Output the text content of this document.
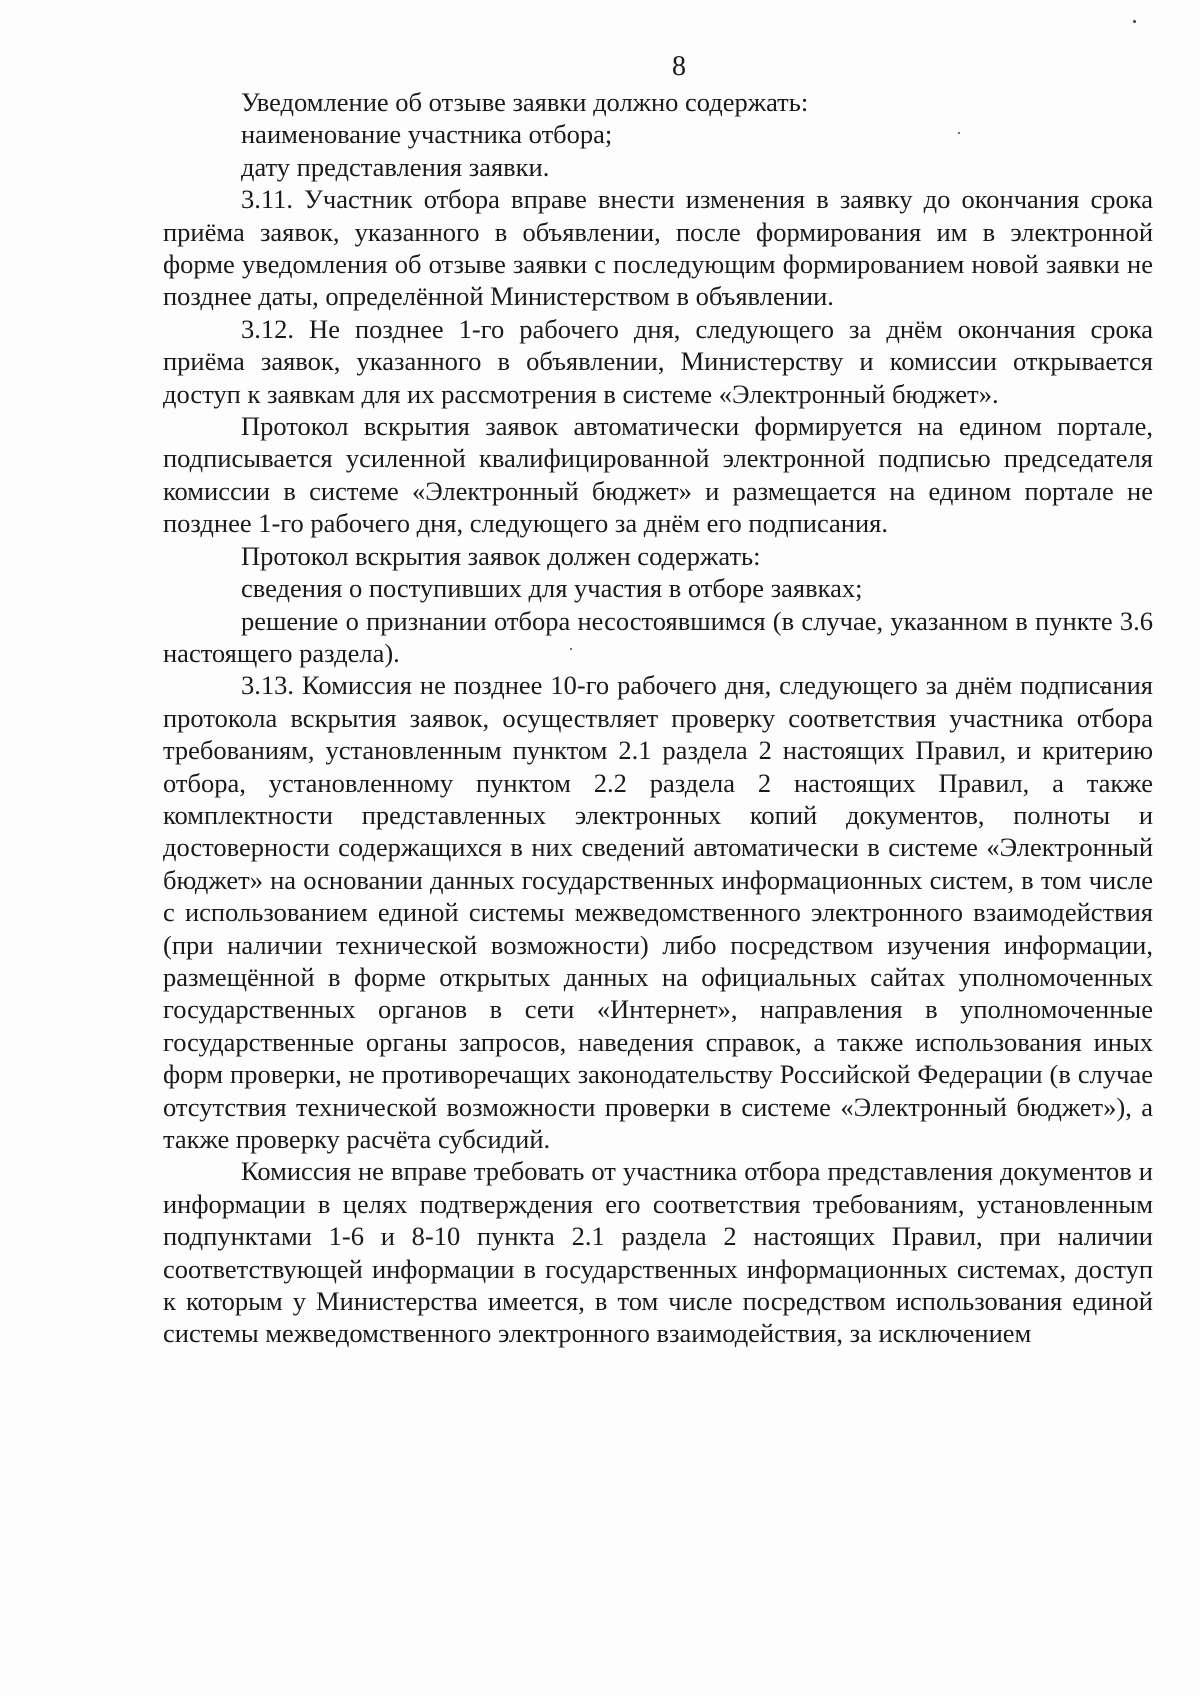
8

Уведомление об отзыве заявки должно содержать:

наименование участника отбора;

дату представления заявки.

3.11. Участник отбора вправе внести изменения в заявку до окончания срока приёма заявок, указанного в объявлении, после формирования им в электронной форме уведомления об отзыве заявки с последующим формированием новой заявки не позднее даты, определённой Министерством в объявлении.

3.12. Не позднее 1-го рабочего дня, следующего за днём окончания срока приёма заявок, указанного в объявлении, Министерству и комиссии открывается доступ к заявкам для их рассмотрения в системе «Электронный бюджет».

Протокол вскрытия заявок автоматически формируется на едином портале, подписывается усиленной квалифицированной электронной подписью председателя комиссии в системе «Электронный бюджет» и размещается на едином портале не позднее 1-го рабочего дня, следующего за днём его подписания.

Протокол вскрытия заявок должен содержать:

сведения о поступивших для участия в отборе заявках;

решение о признании отбора несостоявшимся (в случае, указанном в пункте 3.6 настоящего раздела).

3.13. Комиссия не позднее 10-го рабочего дня, следующего за днём подписания протокола вскрытия заявок, осуществляет проверку соответствия участника отбора требованиям, установленным пунктом 2.1 раздела 2 настоящих Правил, и критерию отбора, установленному пунктом 2.2 раздела 2 настоящих Правил, а также комплектности представленных электронных копий документов, полноты и достоверности содержащихся в них сведений автоматически в системе «Электронный бюджет» на основании данных государственных информационных систем, в том числе с использованием единой системы межведомственного электронного взаимодействия (при наличии технической возможности) либо посредством изучения информации, размещённой в форме открытых данных на официальных сайтах уполномоченных государственных органов в сети «Интернет», направления в уполномоченные государственные органы запросов, наведения справок, а также использования иных форм проверки, не противоречащих законодательству Российской Федерации (в случае отсутствия технической возможности проверки в системе «Электронный бюджет»), а также проверку расчёта субсидий.

Комиссия не вправе требовать от участника отбора представления документов и информации в целях подтверждения его соответствия требованиям, установленным подпунктами 1-6 и 8-10 пункта 2.1 раздела 2 настоящих Правил, при наличии соответствующей информации в государственных информационных системах, доступ к которым у Министерства имеется, в том числе посредством использования единой системы межведомственного электронного взаимодействия, за исключением
